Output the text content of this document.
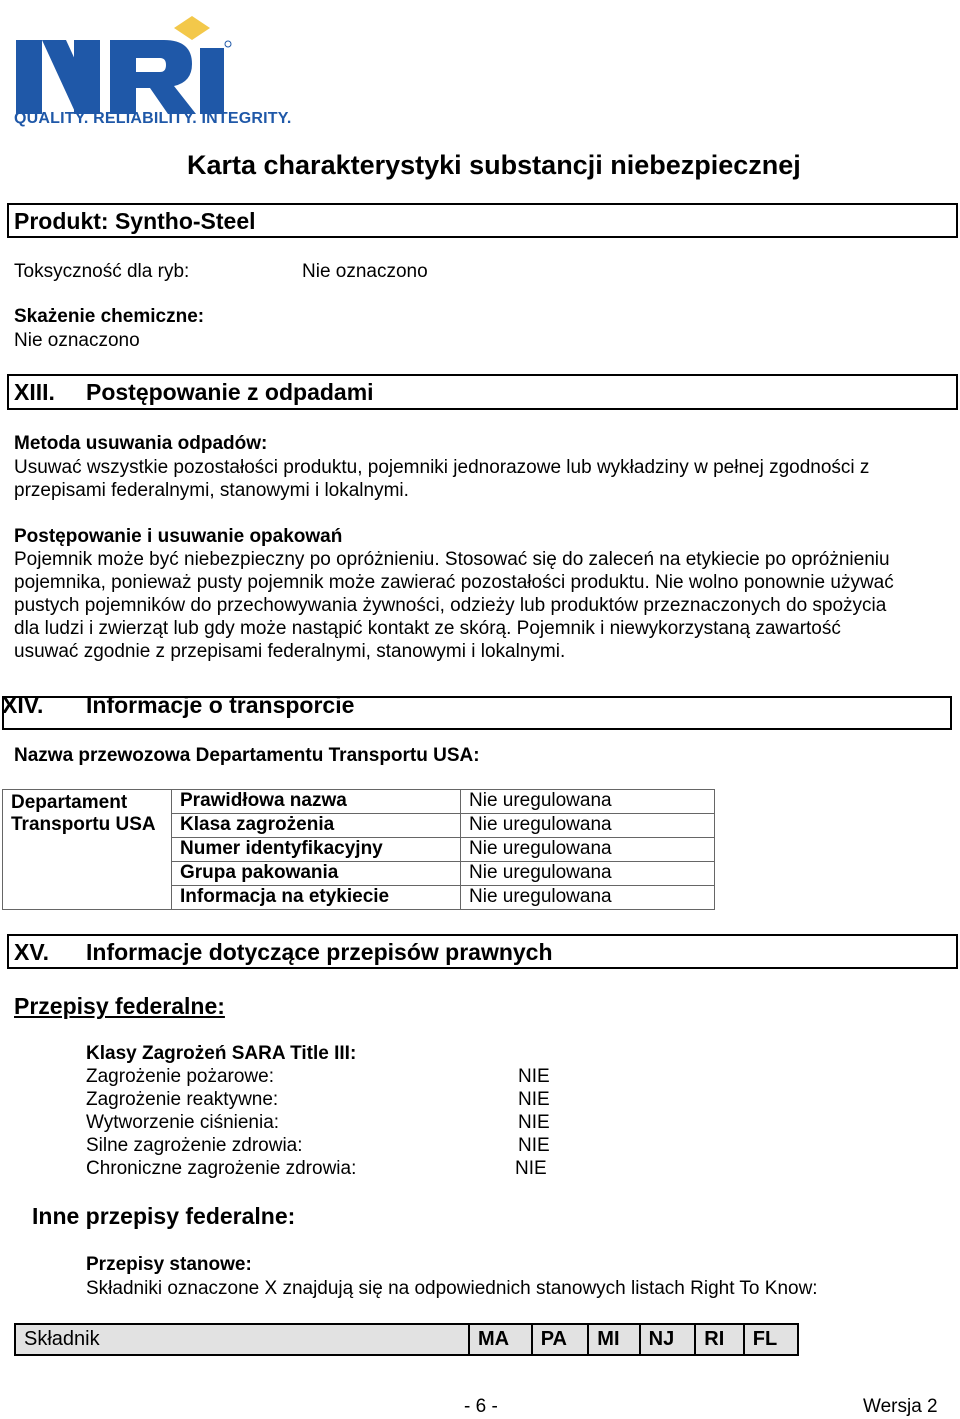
QUALITY. RELIABILITY. INTEGRITY.
Karta charakterystyki substancji niebezpiecznej
Produkt: Syntho-Steel
Toksyczność dla ryb:	Nie oznaczono
Skażenie chemiczne:
Nie oznaczono
XIII. Postępowanie z odpadami
Metoda usuwania odpadów:
Usuwać wszystkie pozostałości produktu, pojemniki jednorazowe lub wykładziny w pełnej zgodności z
przepisami federalnymi, stanowymi i lokalnymi.
Postępowanie i usuwanie opakowań
Pojemnik może być niebezpieczny po opróżnieniu. Stosować się do zaleceń na etykiecie po opróżnieniu
pojemnika, ponieważ pusty pojemnik może zawierać pozostałości produktu. Nie wolno ponownie używać
pustych pojemników do przechowywania żywności, odzieży lub produktów przeznaczonych do spożycia
dla ludzi i zwierząt lub gdy może nastąpić kontakt ze skórą. Pojemnik i niewykorzystaną zawartość
usuwać zgodnie z przepisami federalnymi, stanowymi i lokalnymi.
XIV. Informacje o transporcie
Nazwa przewozowa Departamentu Transportu USA:
Departament
Transportu USA	Prawidłowa nazwa	Nie uregulowana
	Klasa zagrożenia	Nie uregulowana
	Numer identyfikacyjny	Nie uregulowana
	Grupa pakowania	Nie uregulowana
	Informacja na etykiecie	Nie uregulowana
XV. Informacje dotyczące przepisów prawnych
Przepisy federalne:
Klasy Zagrożeń SARA Title III:
Zagrożenie pożarowe:	NIE
Zagrożenie reaktywne:	NIE
Wytworzenie ciśnienia:	NIE
Silne zagrożenie zdrowia:	NIE
Chroniczne zagrożenie zdrowia:	NIE
Inne przepisy federalne:
Przepisy stanowe:
Składniki oznaczone X znajdują się na odpowiednich stanowych listach Right To Know:
Składnik	MA	PA	MI	NJ	RI	FL
- 6 -	Wersja 2
